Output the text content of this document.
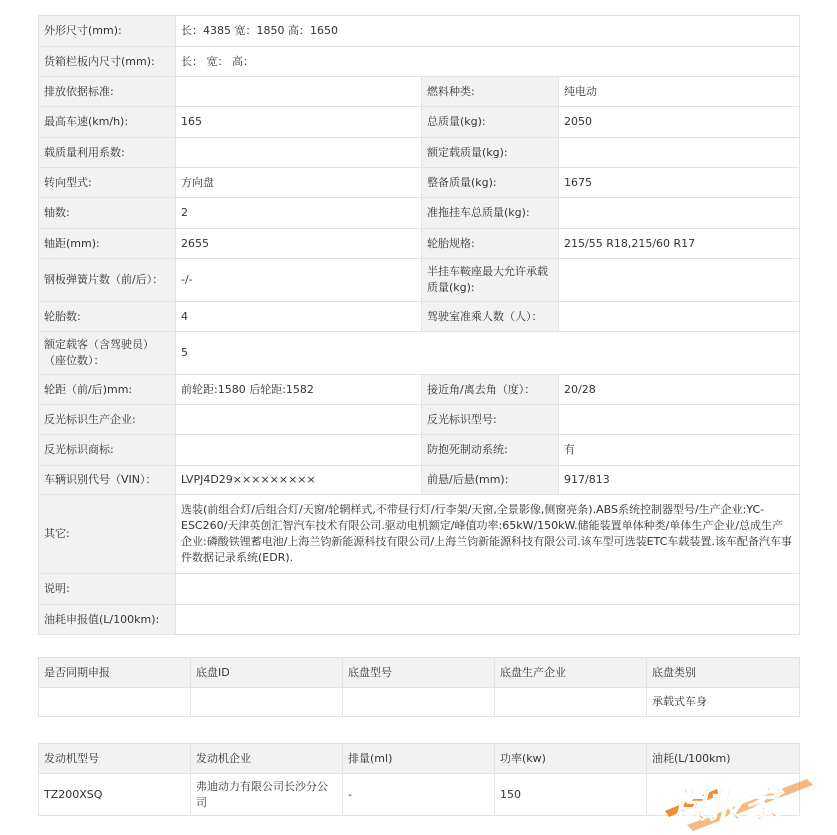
外形尺寸(mm):	长：4385 宽：1850 高：1650		
货箱栏板内尺寸(mm):	长： 宽： 高：		
排放依据标准:		燃料种类:	纯电动
最高车速(km/h):	165	总质量(kg):	2050
载质量利用系数:		额定载质量(kg):	
转向型式:	方向盘	整备质量(kg):	1675
轴数:	2	准拖挂车总质量(kg):	
轴距(mm):	2655	轮胎规格:	215/55 R18,215/60 R17
钢板弹簧片数（前/后）：	-/-	半挂车鞍座最大允许承载质量(kg):	
轮胎数:	4	驾驶室准乘人数（人）：	
额定载客（含驾驶员）（座位数）：	5		
轮距（前/后)mm:	前轮距:1580 后轮距:1582	接近角/离去角（度）：	20/28
反光标识生产企业:		反光标识型号:	
反光标识商标:		防抱死制动系统:	有
车辆识别代号（VIN）：	LVPJ4D29×××××××××	前悬/后悬(mm):	917/813
其它:	选装(前组合灯/后组合灯/天窗/轮辋样式,不带昼行灯/行李架/天窗,全景影像,侧窗亮条).ABS系统控制器型号/生产企业:YC-ESC260/天津英创汇智汽车技术有限公司.驱动电机额定/峰值功率:65kW/150kW.储能装置单体种类/单体生产企业/总成生产企业:磷酸铁锂蓄电池/上海兰钧新能源科技有限公司/上海兰钧新能源科技有限公司.该车型可选装ETC车载装置.该车配备汽车事件数据记录系统(EDR).		
说明:			
油耗申报值(L/100km):			
是否同期申报	底盘ID	底盘型号	底盘生产企业	底盘类别
				承载式车身
发动机型号	发动机企业	排量(ml)	功率(kw)	油耗(L/100km)
TZ200XSQ	弗迪动力有限公司长沙分公司	-	150		误报家
